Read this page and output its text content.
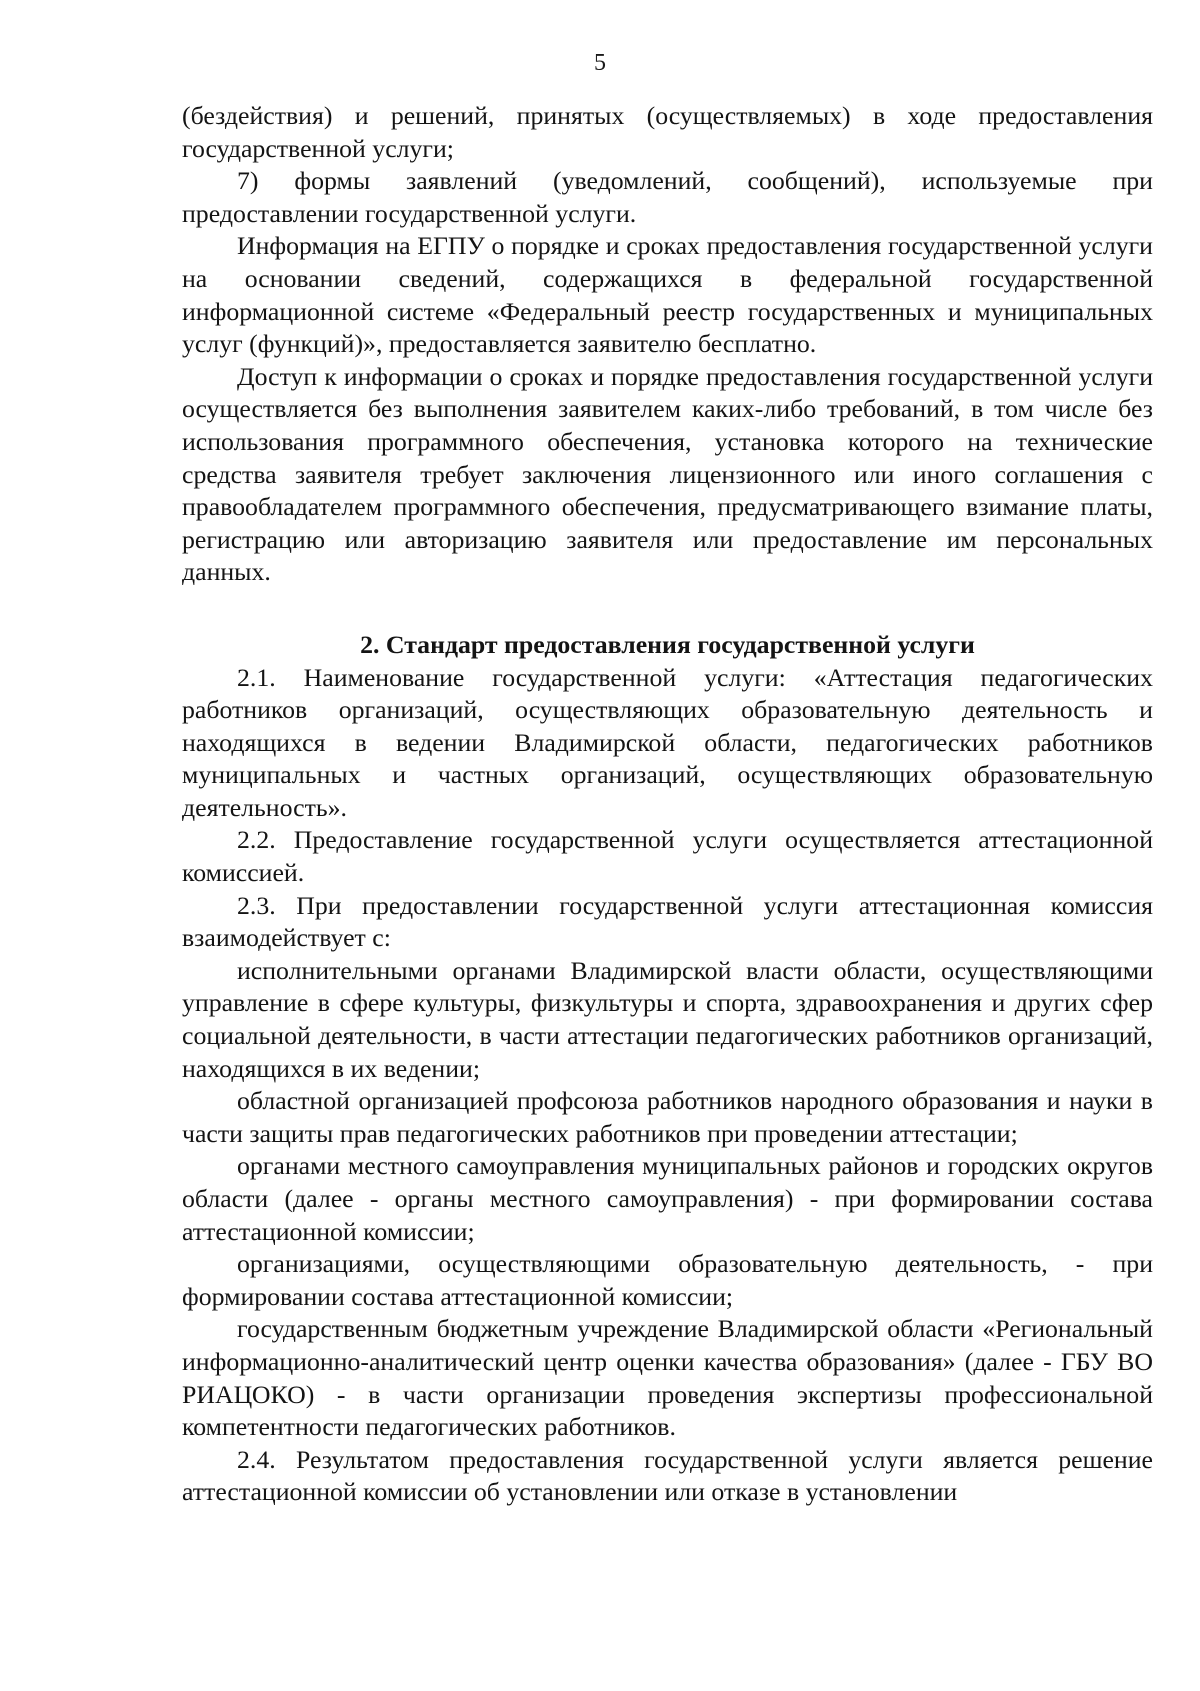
5

(бездействия) и решений, принятых (осуществляемых) в ходе предоставления государственной услуги;

7) формы заявлений (уведомлений, сообщений), используемые при предоставлении государственной услуги.

Информация на ЕГПУ о порядке и сроках предоставления государственной услуги на основании сведений, содержащихся в федеральной государственной информационной системе «Федеральный реестр государственных и муниципальных услуг (функций)», предоставляется заявителю бесплатно.

Доступ к информации о сроках и порядке предоставления государственной услуги осуществляется без выполнения заявителем каких-либо требований, в том числе без использования программного обеспечения, установка которого на технические средства заявителя требует заключения лицензионного или иного соглашения с правообладателем программного обеспечения, предусматривающего взимание платы, регистрацию или авторизацию заявителя или предоставление им персональных данных.

2. Стандарт предоставления государственной услуги

2.1. Наименование государственной услуги: «Аттестация педагогических работников организаций, осуществляющих образовательную деятельность и находящихся в ведении Владимирской области, педагогических работников муниципальных и частных организаций, осуществляющих образовательную деятельность».

2.2. Предоставление государственной услуги осуществляется аттестационной комиссией.

2.3. При предоставлении государственной услуги аттестационная комиссия взаимодействует с:

исполнительными органами Владимирской власти области, осуществляющими управление в сфере культуры, физкультуры и спорта, здравоохранения и других сфер социальной деятельности, в части аттестации педагогических работников организаций, находящихся в их ведении;

областной организацией профсоюза работников народного образования и науки в части защиты прав педагогических работников при проведении аттестации;

органами местного самоуправления муниципальных районов и городских округов области (далее - органы местного самоуправления) - при формировании состава аттестационной комиссии;

организациями, осуществляющими образовательную деятельность, - при формировании состава аттестационной комиссии;

государственным бюджетным учреждение Владимирской области «Региональный информационно-аналитический центр оценки качества образования» (далее - ГБУ ВО РИАЦОКО) - в части организации проведения экспертизы профессиональной компетентности педагогических работников.

2.4. Результатом предоставления государственной услуги является решение аттестационной комиссии об установлении или отказе в установлении
